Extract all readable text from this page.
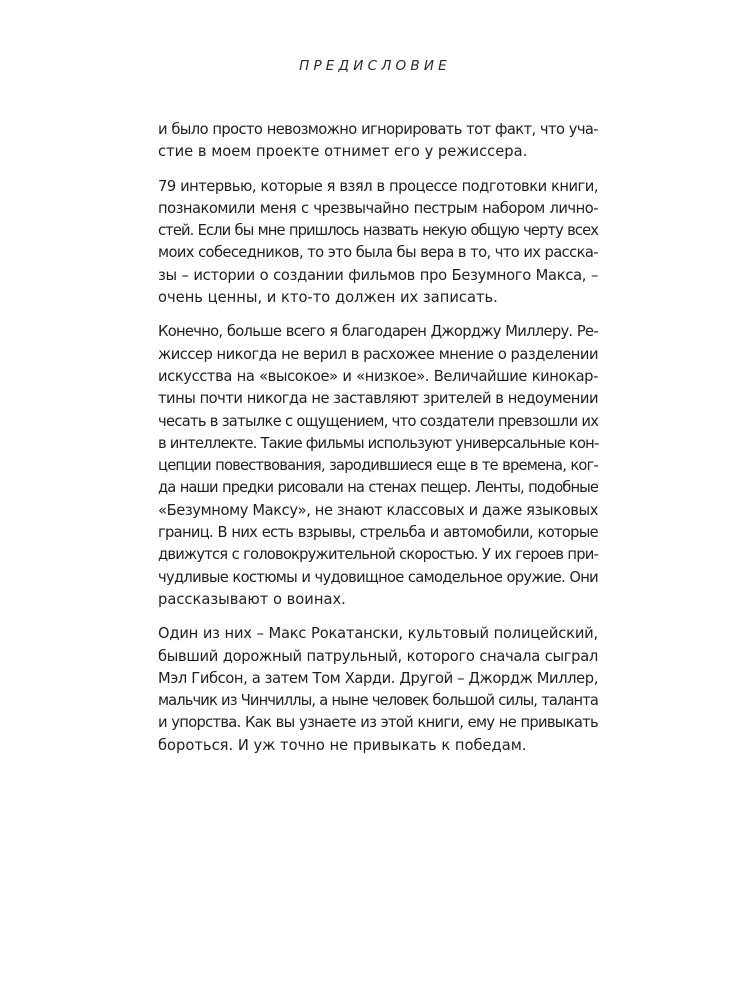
ПРЕДИСЛОВИЕ
и было просто невозможно игнорировать тот факт, что уча-
стие в моем проекте отнимет его у режиссера.
79 интервью, которые я взял в процессе подготовки книги,
познакомили меня с чрезвычайно пестрым набором лично-
стей. Если бы мне пришлось назвать некую общую черту всех
моих собеседников, то это была бы вера в то, что их расска-
зы – истории о создании фильмов про Безумного Макса, –
очень ценны, и кто-то должен их записать.
Конечно, больше всего я благодарен Джорджу Миллеру. Ре-
жиссер никогда не верил в расхожее мнение о разделении
искусства на «высокое» и «низкое». Величайшие кинокар-
тины почти никогда не заставляют зрителей в недоумении
чесать в затылке с ощущением, что создатели превзошли их
в интеллекте. Такие фильмы используют универсальные кон-
цепции повествования, зародившиеся еще в те времена, ког-
да наши предки рисовали на стенах пещер. Ленты, подобные
«Безумному Максу», не знают классовых и даже языковых
границ. В них есть взрывы, стрельба и автомобили, которые
движутся с головокружительной скоростью. У их героев при-
чудливые костюмы и чудовищное самодельное оружие. Они
рассказывают о воинах.
Один из них – Макс Рокатански, культовый полицейский,
бывший дорожный патрульный, которого сначала сыграл
Мэл Гибсон, а затем Том Харди. Другой – Джордж Миллер,
мальчик из Чинчиллы, а ныне человек большой силы, таланта
и упорства. Как вы узнаете из этой книги, ему не привыкать
бороться. И уж точно не привыкать к победам.
